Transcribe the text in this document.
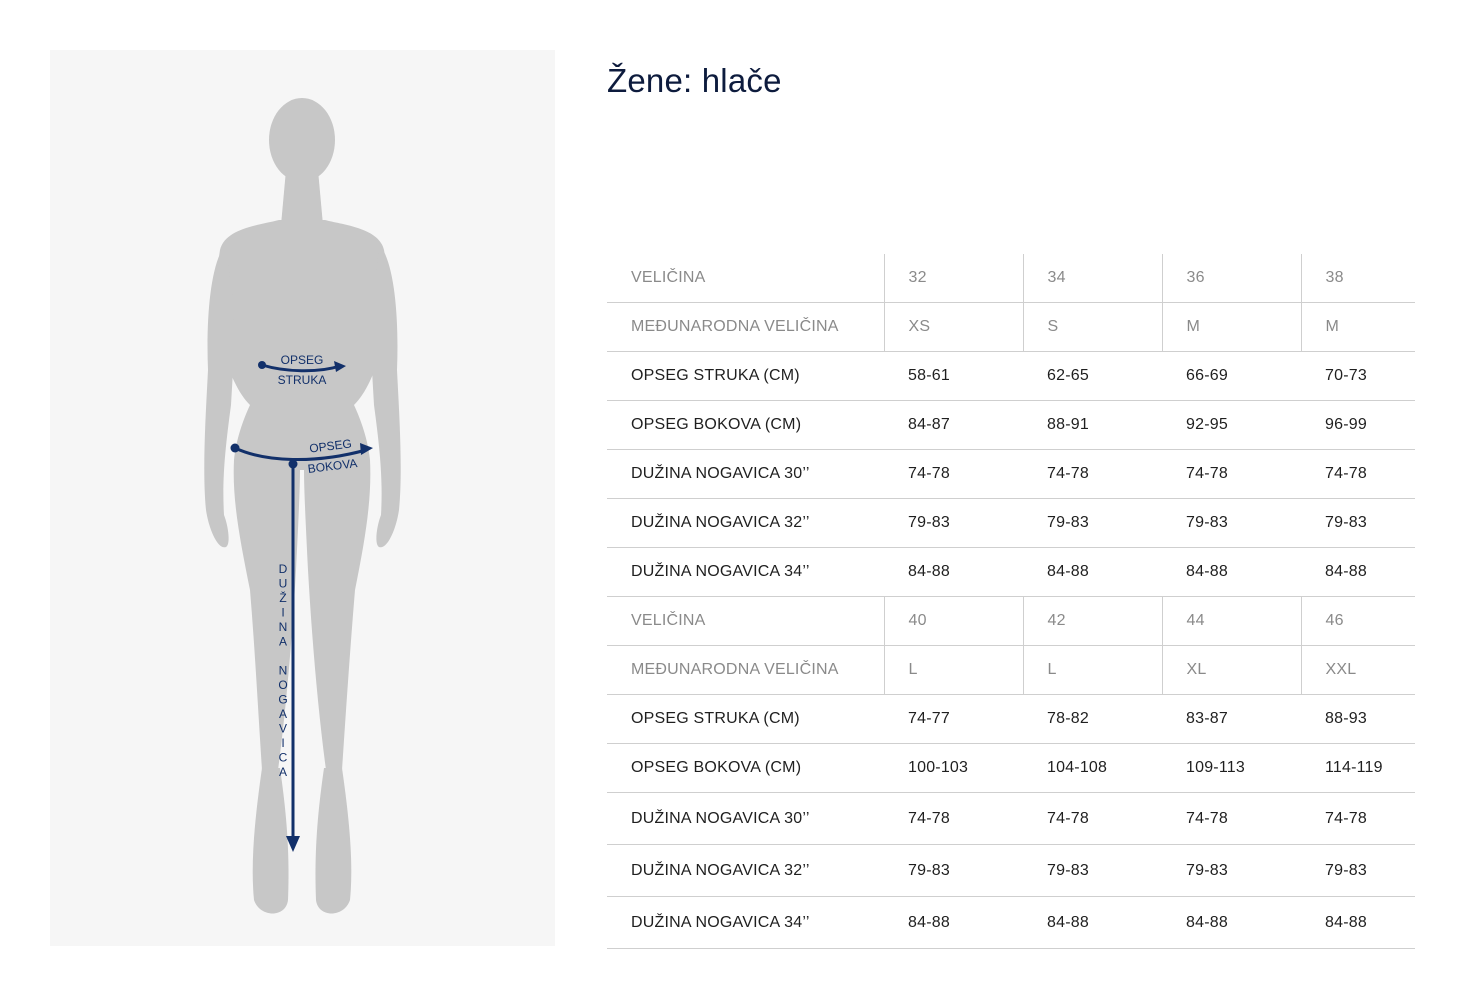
OPSEG
STRUKA
OPSEG
BOKOVA
D
U
Ž
I
N
A
N
O
G
A
V
I
C
A
Žene: hlače
VELIČINA	32	34	36	38
MEĐUNARODNA VELIČINA	XS	S	M	M
OPSEG STRUKA (CM)	58-61	62-65	66-69	70-73
OPSEG BOKOVA (CM)	84-87	88-91	92-95	96-99
DUŽINA NOGAVICA 30’’	74-78	74-78	74-78	74-78
DUŽINA NOGAVICA 32’’	79-83	79-83	79-83	79-83
DUŽINA NOGAVICA 34’’	84-88	84-88	84-88	84-88
VELIČINA	40	42	44	46
MEĐUNARODNA VELIČINA	L	L	XL	XXL
OPSEG STRUKA (CM)	74-77	78-82	83-87	88-93
OPSEG BOKOVA (CM)	100-103	104-108	109-113	114-119
DUŽINA NOGAVICA 30’’	74-78	74-78	74-78	74-78
DUŽINA NOGAVICA 32’’	79-83	79-83	79-83	79-83
DUŽINA NOGAVICA 34’’	84-88	84-88	84-88	84-88
